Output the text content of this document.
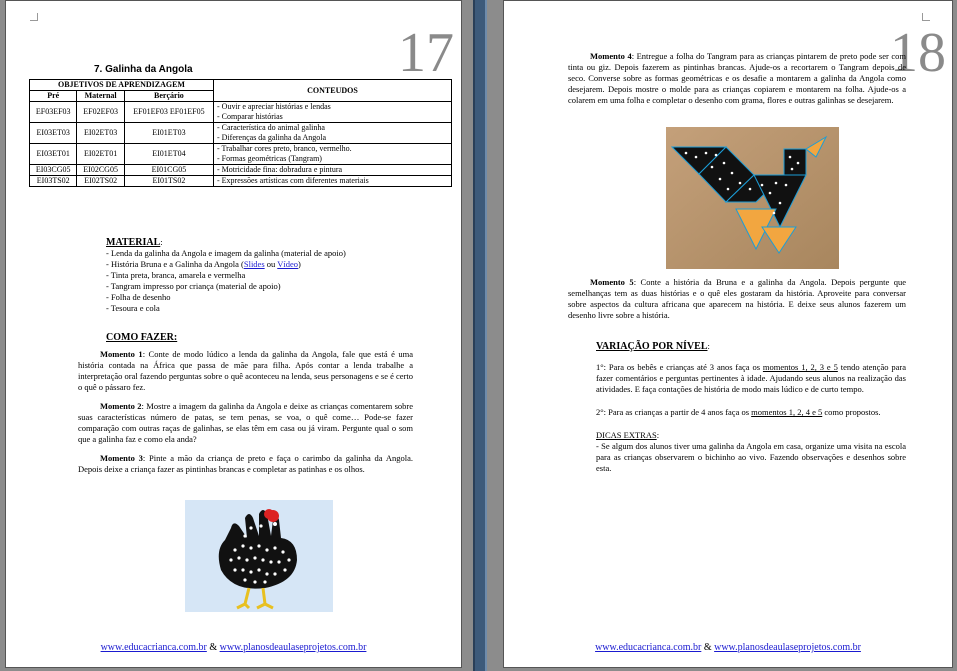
17
7. Galinha da Angola
OBJETIVOS DE APRENDIZAGEM			CONTEUDOS
Pré	Maternal	Berçário	
EF03EF03	EF02EF03	EF01EF03 EF01EF05	- Ouvir e apreciar histórias e lendas
- Comparar histórias

EI03ET03	EI02ET03	EI01ET03	- Característica do animal galinha
- Diferenças da galinha da Angola

EI03ET01	EI02ET01	EI01ET04	- Trabalhar cores preto, branco, vermelho.
- Formas geométricas (Tangram)

EI03CG05	EI02CG05	EI01CG05	- Motricidade fina: dobradura e pintura
EI03TS02	EI02TS02	EI01TS02	- Expressões artísticas com diferentes materiais
MATERIAL:
- Lenda da galinha da Angola e imagem da galinha (material de apoio)
- História Bruna e a Galinha da Angola (Slides ou Vídeo)
- Tinta preta, branca, amarela e vermelha
- Tangram impresso por criança (material de apoio)
- Folha de desenho
- Tesoura e cola
COMO FAZER:

Momento 1: Conte de modo lúdico a lenda da galinha da Angola, fale que está é uma história contada na África que passa de mãe para filha. Após contar a lenda trabalhe a interpretação oral fazendo perguntas sobre o quê aconteceu na lenda, seus personagens e se é certo o quê o pássaro fez.

Momento 2: Mostre a imagem da galinha da Angola e deixe as crianças comentarem sobre suas características número de patas, se tem penas, se voa, o quê come… Pode-se fazer comparação com outras raças de galinhas, se elas têm em casa ou já viram. Pergunte qual o som que a galinha faz e como ela anda?

Momento 3: Pinte a mão da criança de preto e faça o carimbo da galinha da Angola. Depois deixe a criança fazer as pintinhas brancas e completar as patinhas e os olhos.

www.educacrianca.com.br & www.planosdeaulaseprojetos.com.br
18

Momento 4: Entregue a folha do Tangram para as crianças pintarem de preto pode ser com tinta ou giz. Depois fazerem as pintinhas brancas. Ajude-os a recortarem o Tangram depois de seco. Converse sobre as formas geométricas e os desafie a montarem a galinha da Angola como desejarem. Depois mostre o molde para as crianças copiarem e montarem na folha. Ajude-os a colarem em uma folha e completar o desenho com grama, flores e outras galinhas se desejarem.

Momento 5: Conte a história da Bruna e a galinha da Angola. Depois pergunte que semelhanças tem as duas histórias e o quê eles gostaram da história. Aproveite para conversar sobre aspectos da cultura africana que aparecem na história. E deixe seus alunos fazerem um desenho livre sobre a história.

VARIAÇÃO POR NÍVEL:

1°: Para os bebês e crianças até 3 anos faça os momentos 1, 2, 3 e 5 tendo atenção para fazer comentários e perguntas pertinentes à idade. Ajudando seus alunos na realização das atividades. E faça contações de história de modo mais lúdico e de curto tempo.

2°: Para as crianças a partir de 4 anos faça os momentos 1, 2, 4 e 5 como propostos.

DICAS EXTRAS:

- Se algum dos alunos tiver uma galinha da Angola em casa, organize uma visita na escola para as crianças observarem o bichinho ao vivo. Fazendo observações e desenhos sobre esta.

www.educacrianca.com.br & www.planosdeaulaseprojetos.com.br
